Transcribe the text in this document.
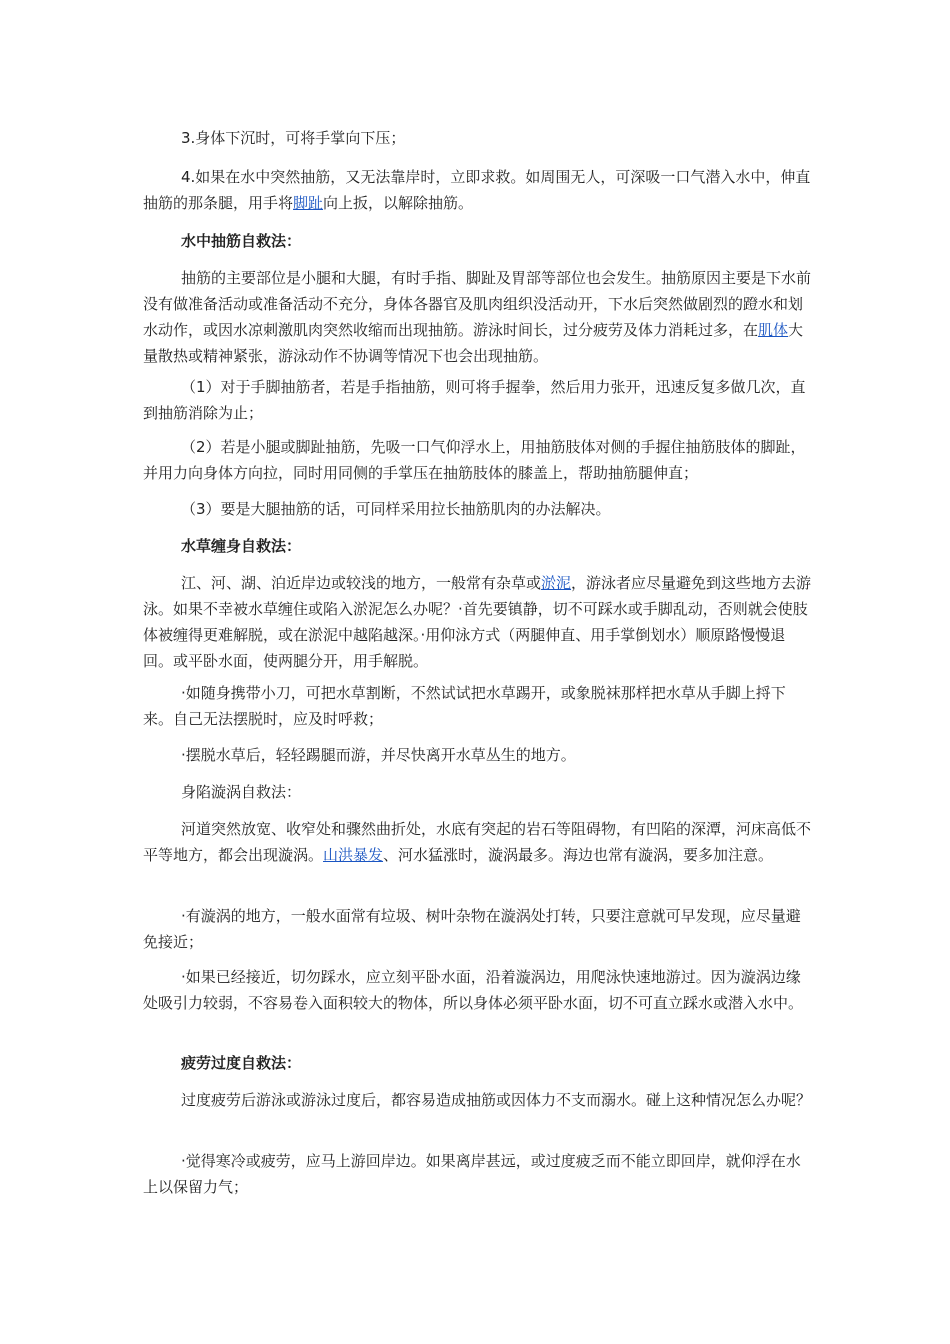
3.身体下沉时，可将手掌向下压；

4.如果在水中突然抽筋，又无法靠岸时，立即求救。如周围无人，可深吸一口气潜入水中，伸直抽筋的那条腿，用手将脚趾向上扳，以解除抽筋。

水中抽筋自救法：

抽筋的主要部位是小腿和大腿，有时手指、脚趾及胃部等部位也会发生。抽筋原因主要是下水前没有做准备活动或准备活动不充分，身体各器官及肌肉组织没活动开，下水后突然做剧烈的蹬水和划水动作，或因水凉刺激肌肉突然收缩而出现抽筋。游泳时间长，过分疲劳及体力消耗过多，在肌体大量散热或精神紧张，游泳动作不协调等情况下也会出现抽筋。

（1）对于手脚抽筋者，若是手指抽筋，则可将手握拳，然后用力张开，迅速反复多做几次，直到抽筋消除为止；

（2）若是小腿或脚趾抽筋，先吸一口气仰浮水上，用抽筋肢体对侧的手握住抽筋肢体的脚趾，并用力向身体方向拉，同时用同侧的手掌压在抽筋肢体的膝盖上，帮助抽筋腿伸直；

（3）要是大腿抽筋的话，可同样采用拉长抽筋肌肉的办法解决。

水草缠身自救法：

江、河、湖、泊近岸边或较浅的地方，一般常有杂草或淤泥，游泳者应尽量避免到这些地方去游泳。如果不幸被水草缠住或陷入淤泥怎么办呢？·首先要镇静，切不可踩水或手脚乱动，否则就会使肢体被缠得更难解脱，或在淤泥中越陷越深。·用仰泳方式（两腿伸直、用手掌倒划水）顺原路慢慢退回。或平卧水面，使两腿分开，用手解脱。

·如随身携带小刀，可把水草割断，不然试试把水草踢开，或象脱袜那样把水草从手脚上捋下来。自己无法摆脱时，应及时呼救；

·摆脱水草后，轻轻踢腿而游，并尽快离开水草丛生的地方。

身陷漩涡自救法：

河道突然放宽、收窄处和骤然曲折处，水底有突起的岩石等阻碍物，有凹陷的深潭，河床高低不平等地方，都会出现漩涡。山洪暴发、河水猛涨时，漩涡最多。海边也常有漩涡，要多加注意。

·有漩涡的地方，一般水面常有垃圾、树叶杂物在漩涡处打转，只要注意就可早发现，应尽量避免接近；

·如果已经接近，切勿踩水，应立刻平卧水面，沿着漩涡边，用爬泳快速地游过。因为漩涡边缘处吸引力较弱，不容易卷入面积较大的物体，所以身体必须平卧水面，切不可直立踩水或潜入水中。

疲劳过度自救法：

过度疲劳后游泳或游泳过度后，都容易造成抽筋或因体力不支而溺水。碰上这种情况怎么办呢？

·觉得寒冷或疲劳，应马上游回岸边。如果离岸甚远，或过度疲乏而不能立即回岸，就仰浮在水上以保留力气；
